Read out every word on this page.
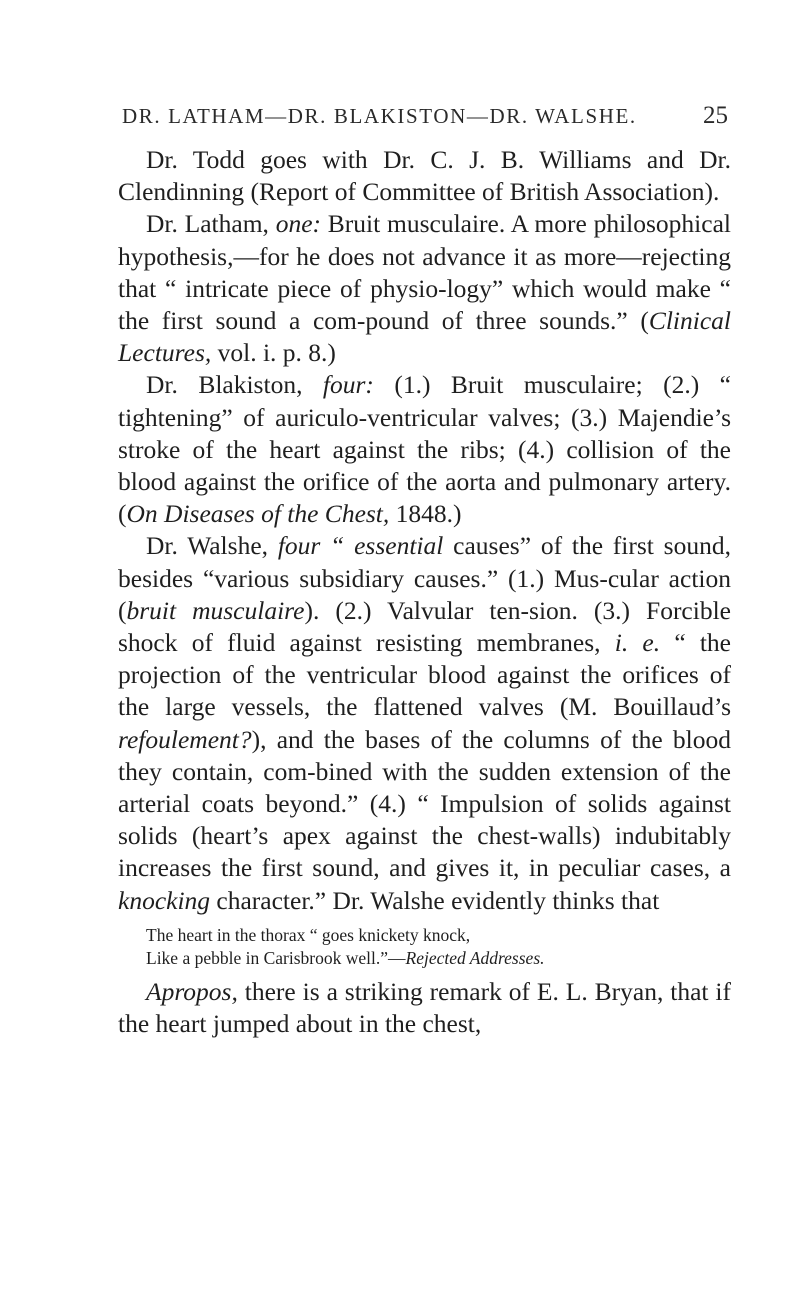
DR. LATHAM—DR. BLAKISTON—DR. WALSHE.	25

Dr. Todd goes with Dr. C. J. B. Williams and Dr. Clendinning (Report of Committee of British Association).

Dr. Latham, one: Bruit musculaire. A more philosophical hypothesis,—for he does not advance it as more—rejecting that “ intricate piece of physio-logy” which would make “ the first sound a com-pound of three sounds.” (Clinical Lectures, vol. i. p. 8.)

Dr. Blakiston, four: (1.) Bruit musculaire; (2.) “ tightening” of auriculo-ventricular valves; (3.) Majendie’s stroke of the heart against the ribs; (4.) collision of the blood against the orifice of the aorta and pulmonary artery. (On Diseases of the Chest, 1848.)

Dr. Walshe, four “ essential causes” of the first sound, besides “various subsidiary causes.” (1.) Mus-cular action (bruit musculaire). (2.) Valvular ten-sion. (3.) Forcible shock of fluid against resisting membranes, i. e. “ the projection of the ventricular blood against the orifices of the large vessels, the flattened valves (M. Bouillaud’s refoulement?), and the bases of the columns of the blood they contain, com-bined with the sudden extension of the arterial coats beyond.” (4.) “ Impulsion of solids against solids (heart’s apex against the chest-walls) indubitably increases the first sound, and gives it, in peculiar cases, a knocking character.” Dr. Walshe evidently thinks that

The heart in the thorax “ goes knickety knock,
Like a pebble in Carisbrook well.”—Rejected Addresses.

Apropos, there is a striking remark of E. L. Bryan, that if the heart jumped about in the chest,
